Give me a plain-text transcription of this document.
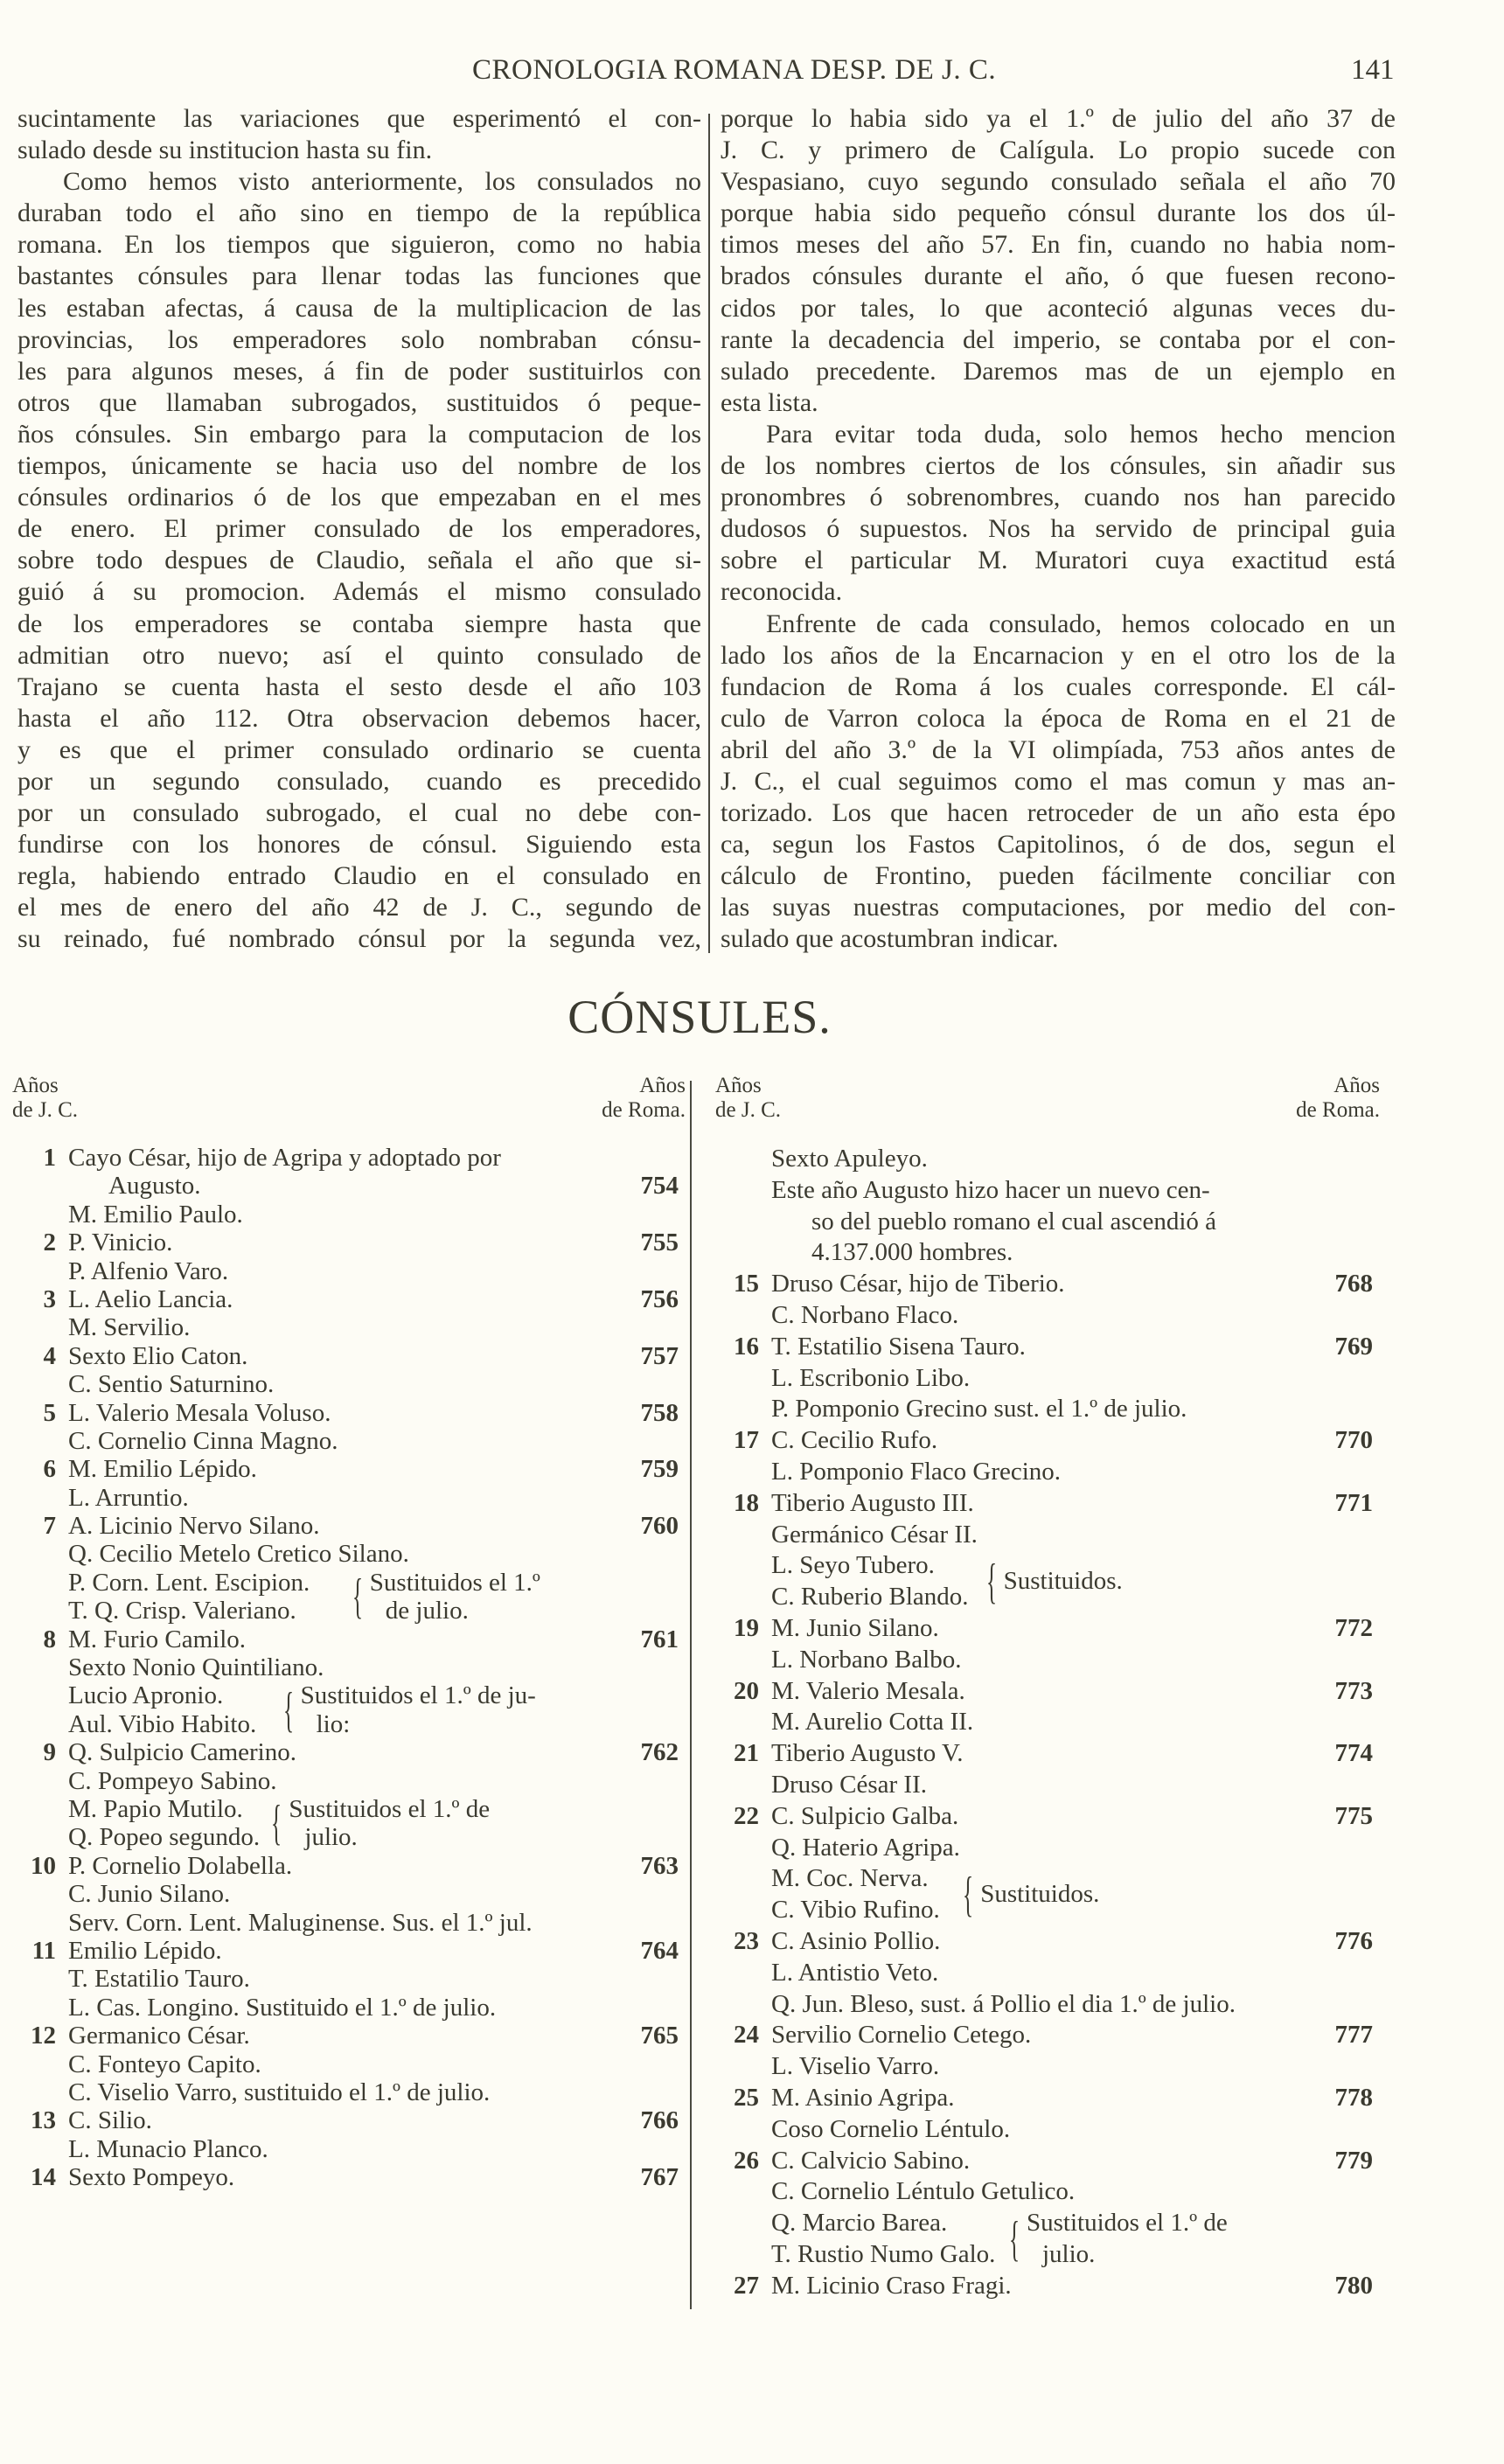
CRONOLOGIA ROMANA DESP. DE J. C.	141
sucintamente las variaciones que esperimentó el con-
sulado desde su institucion hasta su fin.
Como hemos visto anteriormente, los consulados no
duraban todo el año sino en tiempo de la república
romana. En los tiempos que siguieron, como no habia
bastantes cónsules para llenar todas las funciones que
les estaban afectas, á causa de la multiplicacion de las
provincias, los emperadores solo nombraban cónsu-
les para algunos meses, á fin de poder sustituirlos con
otros que llamaban subrogados, sustituidos ó peque-
ños cónsules. Sin embargo para la computacion de los
tiempos, únicamente se hacia uso del nombre de los
cónsules ordinarios ó de los que empezaban en el mes
de enero. El primer consulado de los emperadores,
sobre todo despues de Claudio, señala el año que si-
guió á su promocion. Además el mismo consulado
de los emperadores se contaba siempre hasta que
admitian otro nuevo; así el quinto consulado de
Trajano se cuenta hasta el sesto desde el año 103
hasta el año 112. Otra observacion debemos hacer,
y es que el primer consulado ordinario se cuenta
por un segundo consulado, cuando es precedido
por un consulado subrogado, el cual no debe con-
fundirse con los honores de cónsul. Siguiendo esta
regla, habiendo entrado Claudio en el consulado en
el mes de enero del año 42 de J. C., segundo de
su reinado, fué nombrado cónsul por la segunda vez,
porque lo habia sido ya el 1.º de julio del año 37 de
J. C. y primero de Calígula. Lo propio sucede con
Vespasiano, cuyo segundo consulado señala el año 70
porque habia sido pequeño cónsul durante los dos úl-
timos meses del año 57. En fin, cuando no habia nom-
brados cónsules durante el año, ó que fuesen recono-
cidos por tales, lo que aconteció algunas veces du-
rante la decadencia del imperio, se contaba por el con-
sulado precedente. Daremos mas de un ejemplo en
esta lista.
Para evitar toda duda, solo hemos hecho mencion
de los nombres ciertos de los cónsules, sin añadir sus
pronombres ó sobrenombres, cuando nos han parecido
dudosos ó supuestos. Nos ha servido de principal guia
sobre el particular M. Muratori cuya exactitud está
reconocida.
Enfrente de cada consulado, hemos colocado en un
lado los años de la Encarnacion y en el otro los de la
fundacion de Roma á los cuales corresponde. El cál-
culo de Varron coloca la época de Roma en el 21 de
abril del año 3.º de la VI olimpíada, 753 años antes de
J. C., el cual seguimos como el mas comun y mas an-
torizado. Los que hacen retroceder de un año esta épo
ca, segun los Fastos Capitolinos, ó de dos, segun el
cálculo de Frontino, pueden fácilmente conciliar con
las suyas nuestras computaciones, por medio del con-
sulado que acostumbran indicar.
CÓNSULES.
Años
de J. C.
Años
de Roma.
1 Cayo César, hijo de Agripa y adoptado por
Augusto.	754
M. Emilio Paulo.
2 P. Vinicio.	755
P. Alfenio Varo.
3 L. Aelio Lancia.	756
M. Servilio.
4 Sexto Elio Caton.	757
C. Sentio Saturnino.
5 L. Valerio Mesala Voluso.	758
C. Cornelio Cinna Magno.
6 M. Emilio Lépido.	759
L. Arruntio.
7 A. Licinio Nervo Silano.	760
Q. Cecilio Metelo Cretico Silano.
P. Corn. Lent. Escipion.
T. Q. Crisp. Valeriano. { Sustituidos el 1.º
de julio.
8 M. Furio Camilo.	761
Sexto Nonio Quintiliano.
Lucio Apronio.
Aul. Vibio Habito. { Sustituidos el 1.º de ju-
lio:
9 Q. Sulpicio Camerino.	762
C. Pompeyo Sabino.
M. Papio Mutilo.
Q. Popeo segundo. { Sustituidos el 1.º de
julio.
10 P. Cornelio Dolabella.	763
C. Junio Silano.
Serv. Corn. Lent. Maluginense. Sus. el 1.º jul.
11 Emilio Lépido.	764
T. Estatilio Tauro.
L. Cas. Longino. Sustituido el 1.º de julio.
12 Germanico César.	765
C. Fonteyo Capito.
C. Viselio Varro, sustituido el 1.º de julio.
13 C. Silio.	766
L. Munacio Planco.
14 Sexto Pompeyo.	767
Años
de J. C.
Años
de Roma.
Sexto Apuleyo.
Este año Augusto hizo hacer un nuevo cen-
so del pueblo romano el cual ascendió á
4.137.000 hombres.
15 Druso César, hijo de Tiberio.	768
C. Norbano Flaco.
16 T. Estatilio Sisena Tauro.	769
L. Escribonio Libo.
P. Pomponio Grecino sust. el 1.º de julio.
17 C. Cecilio Rufo.	770
L. Pomponio Flaco Grecino.
18 Tiberio Augusto III.	771
Germánico César II.
L. Seyo Tubero.
C. Ruberio Blando. { Sustituidos.
19 M. Junio Silano.	772
L. Norbano Balbo.
20 M. Valerio Mesala.	773
M. Aurelio Cotta II.
21 Tiberio Augusto V.	774
Druso César II.
22 C. Sulpicio Galba.	775
Q. Haterio Agripa.
M. Coc. Nerva.
C. Vibio Rufino. { Sustituidos.
23 C. Asinio Pollio.	776
L. Antistio Veto.
Q. Jun. Bleso, sust. á Pollio el dia 1.º de julio.
24 Servilio Cornelio Cetego.	777
L. Viselio Varro.
25 M. Asinio Agripa.	778
Coso Cornelio Léntulo.
26 C. Calvicio Sabino.	779
C. Cornelio Léntulo Getulico.
Q. Marcio Barea.
T. Rustio Numo Galo. { Sustituidos el 1.º de
julio.
27 M. Licinio Craso Fragi.	780
